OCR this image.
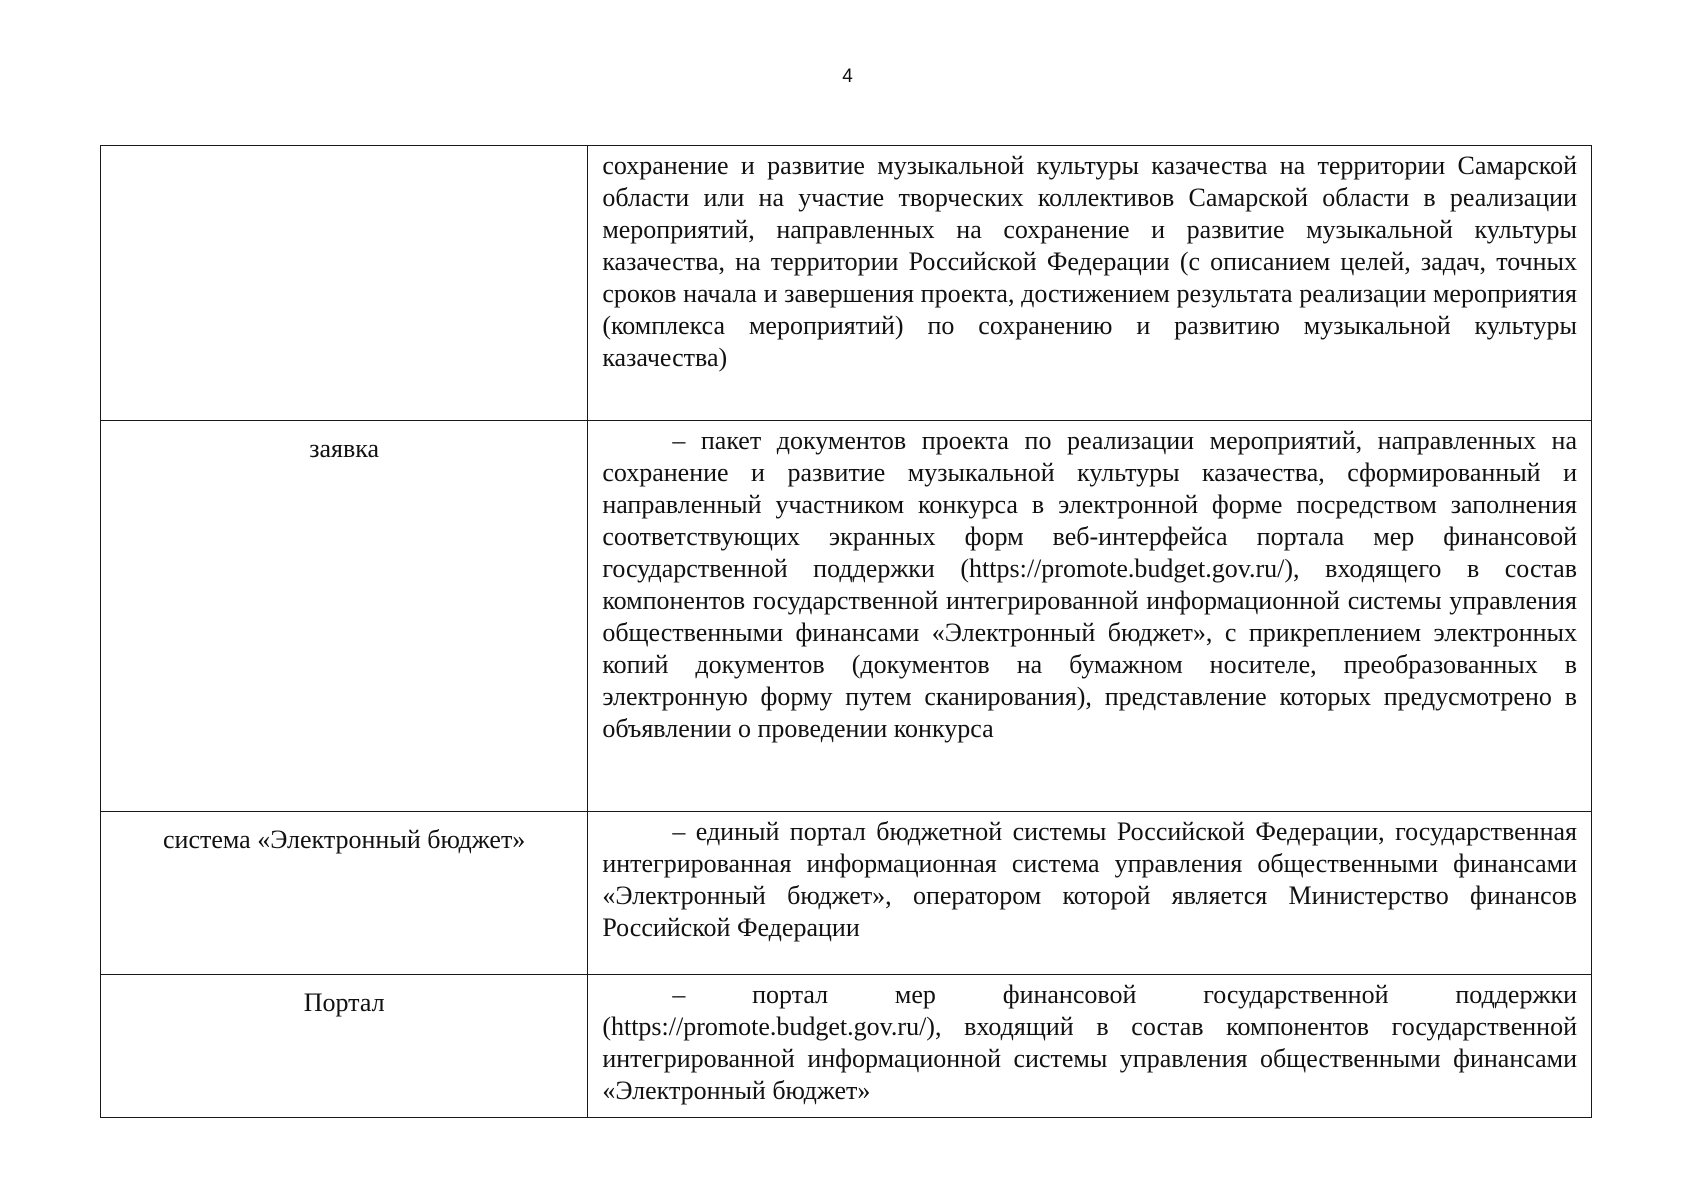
4
	сохранение и развитие музыкальной культуры казачества на территории Самарской области или на участие творческих коллективов Самарской области в реализации мероприятий, направленных на сохранение и развитие музыкальной культуры казачества, на территории Российской Федерации (с описанием целей, задач, точных сроков начала и завершения проекта, достижением результата реализации мероприятия (комплекса мероприятий) по сохранению и развитию музыкальной культуры казачества)
заявка	– пакет документов проекта по реализации мероприятий, направленных на сохранение и развитие музыкальной культуры казачества, сформированный и направленный участником конкурса в электронной форме посредством заполнения соответствующих экранных форм веб-интерфейса портала мер финансовой государственной поддержки (https://promote.budget.gov.ru/), входящего в состав компонентов государственной интегрированной информационной системы управления общественными финансами «Электронный бюджет», с прикреплением электронных копий документов (документов на бумажном носителе, преобразованных в электронную форму путем сканирования), представление которых предусмотрено в объявлении о проведении конкурса
система «Электронный бюджет»	– единый портал бюджетной системы Российской Федерации, государственная интегрированная информационная система управления общественными финансами «Электронный бюджет», оператором которой является Министерство финансов Российской Федерации
Портал	– портал мер финансовой государственной поддержки (https://promote.budget.gov.ru/), входящий в состав компонентов государственной интегрированной информационной системы управления общественными финансами «Электронный бюджет»
